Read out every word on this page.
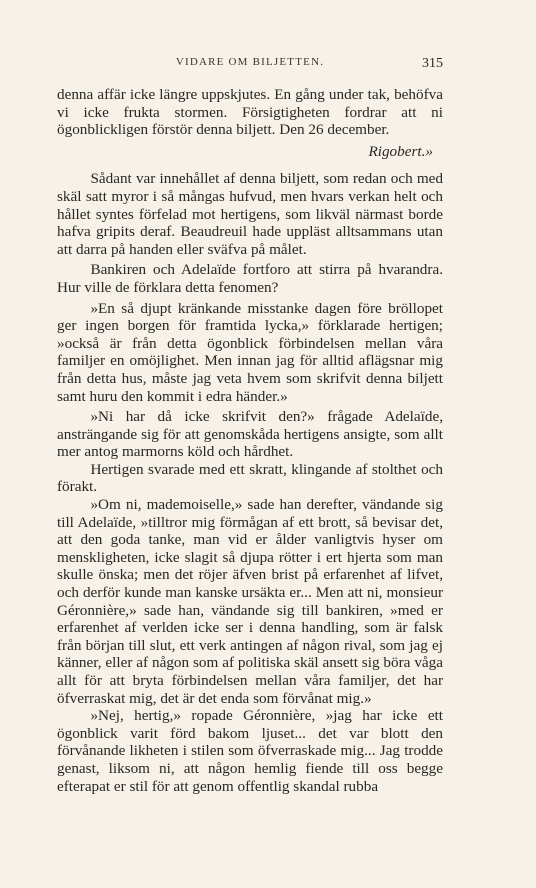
VIDARE OM BILJETTEN.	315

denna affär icke längre uppskjutes. En gång under tak, behöfva vi icke frukta stormen. Försigtigheten fordrar att ni ögonblickligen förstör denna biljett. Den 26 december.

Rigobert.»

Sådant var innehållet af denna biljett, som redan och med skäl satt myror i så mångas hufvud, men hvars verkan helt och hållet syntes förfelad mot hertigens, som likväl närmast borde hafva gripits deraf. Beaudreuil hade uppläst alltsammans utan att darra på handen eller sväfva på målet.

Bankiren och Adelaïde fortforo att stirra på hvarandra. Hur ville de förklara detta fenomen?

»En så djupt kränkande misstanke dagen före bröllopet ger ingen borgen för framtida lycka,» förklarade hertigen; »också är från detta ögonblick förbindelsen mellan våra familjer en omöjlighet. Men innan jag för alltid aflägsnar mig från detta hus, måste jag veta hvem som skrifvit denna biljett samt huru den kommit i edra händer.»

»Ni har då icke skrifvit den?» frågade Adelaïde, ansträngande sig för att genomskåda hertigens ansigte, som allt mer antog marmorns köld och hårdhet.

Hertigen svarade med ett skratt, klingande af stolthet och förakt.

»Om ni, mademoiselle,» sade han derefter, vändande sig till Adelaïde, »tilltror mig förmågan af ett brott, så bevisar det, att den goda tanke, man vid er ålder vanligtvis hyser om menskligheten, icke slagit så djupa rötter i ert hjerta som man skulle önska; men det röjer äfven brist på erfarenhet af lifvet, och derför kunde man kanske ursäkta er... Men att ni, monsieur Géronnière,» sade han, vändande sig till bankiren, »med er erfarenhet af verlden icke ser i denna handling, som är falsk från början till slut, ett verk antingen af någon rival, som jag ej känner, eller af någon som af politiska skäl ansett sig böra våga allt för att bryta förbindelsen mellan våra familjer, det har öfverraskat mig, det är det enda som förvånat mig.»

»Nej, hertig,» ropade Géronnière, »jag har icke ett ögonblick varit förd bakom ljuset... det var blott den förvånande likheten i stilen som öfverraskade mig... Jag trodde genast, liksom ni, att någon hemlig fiende till oss begge efterapat er stil för att genom offentlig skandal rubba
